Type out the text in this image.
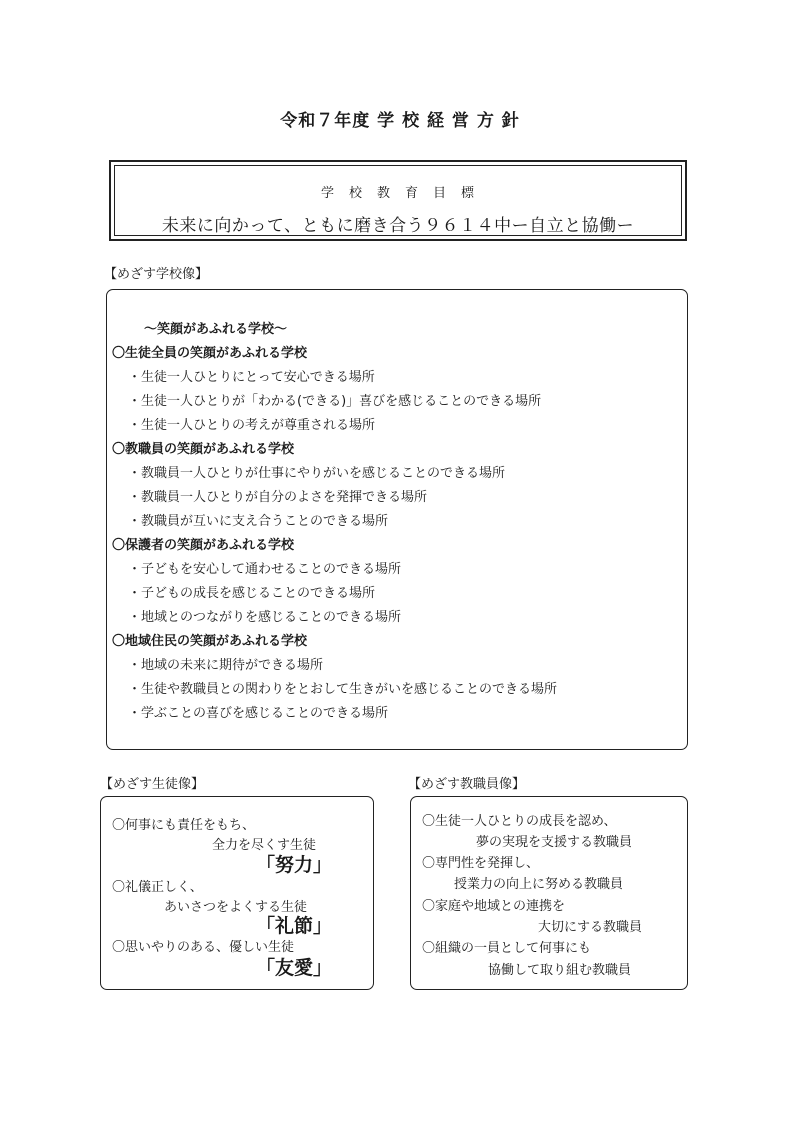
令和７年度 学 校 経 営 方 針
学　校　教　育　目　標
未来に向かって、ともに磨き合う９６１４中ー自立と協働ー
【めざす学校像】
～笑顔があふれる学校～
〇生徒全員の笑顔があふれる学校
・生徒一人ひとりにとって安心できる場所
・生徒一人ひとりが「わかる(できる)」喜びを感じることのできる場所
・生徒一人ひとりの考えが尊重される場所
〇教職員の笑顔があふれる学校
・教職員一人ひとりが仕事にやりがいを感じることのできる場所
・教職員一人ひとりが自分のよさを発揮できる場所
・教職員が互いに支え合うことのできる場所
〇保護者の笑顔があふれる学校
・子どもを安心して通わせることのできる場所
・子どもの成長を感じることのできる場所
・地域とのつながりを感じることのできる場所
〇地域住民の笑顔があふれる学校
・地域の未来に期待ができる場所
・生徒や教職員との関わりをとおして生きがいを感じることのできる場所
・学ぶことの喜びを感じることのできる場所
【めざす生徒像】
〇何事にも責任をもち、
全力を尽くす生徒
「努力」
〇礼儀正しく、
あいさつをよくする生徒
「礼節」
〇思いやりのある、優しい生徒
「友愛」
【めざす教職員像】
〇生徒一人ひとりの成長を認め、
夢の実現を支援する教職員
〇専門性を発揮し、
授業力の向上に努める教職員
〇家庭や地域との連携を
大切にする教職員
〇組織の一員として何事にも
協働して取り組む教職員
